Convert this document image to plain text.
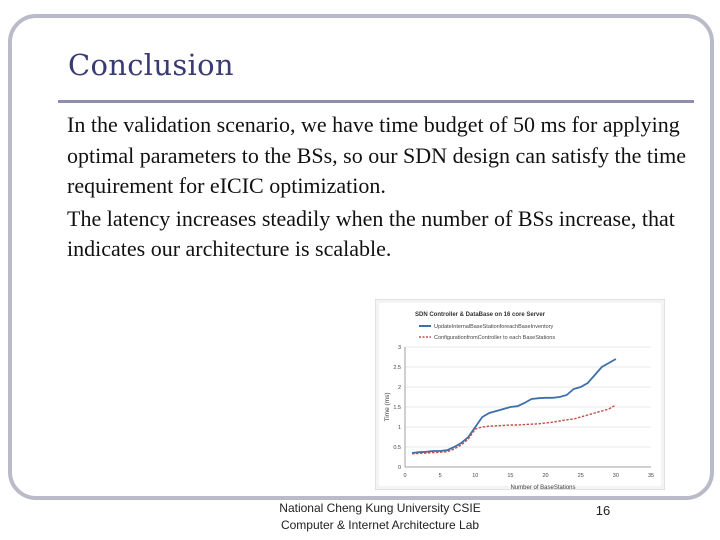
Conclusion

In the validation scenario, we have time budget of 50 ms for applying optimal parameters to the BSs, so our SDN design can satisfy the time requirement for eICIC optimization.

The latency increases steadily when the number of BSs increase, that indicates our architecture is scalable.

SDN Controller & DataBase on 16 core Server
UpdateInternalBaseStationforeachBaseInventory
ConfigurationfromController to each BaseStations
Time (ms)
Number of BaseStations
0
0.5
1
1.5
2
2.5
3
0	5	10	15	20	25	30	35
National Cheng Kung University CSIE
Computer & Internet Architecture Lab
16
